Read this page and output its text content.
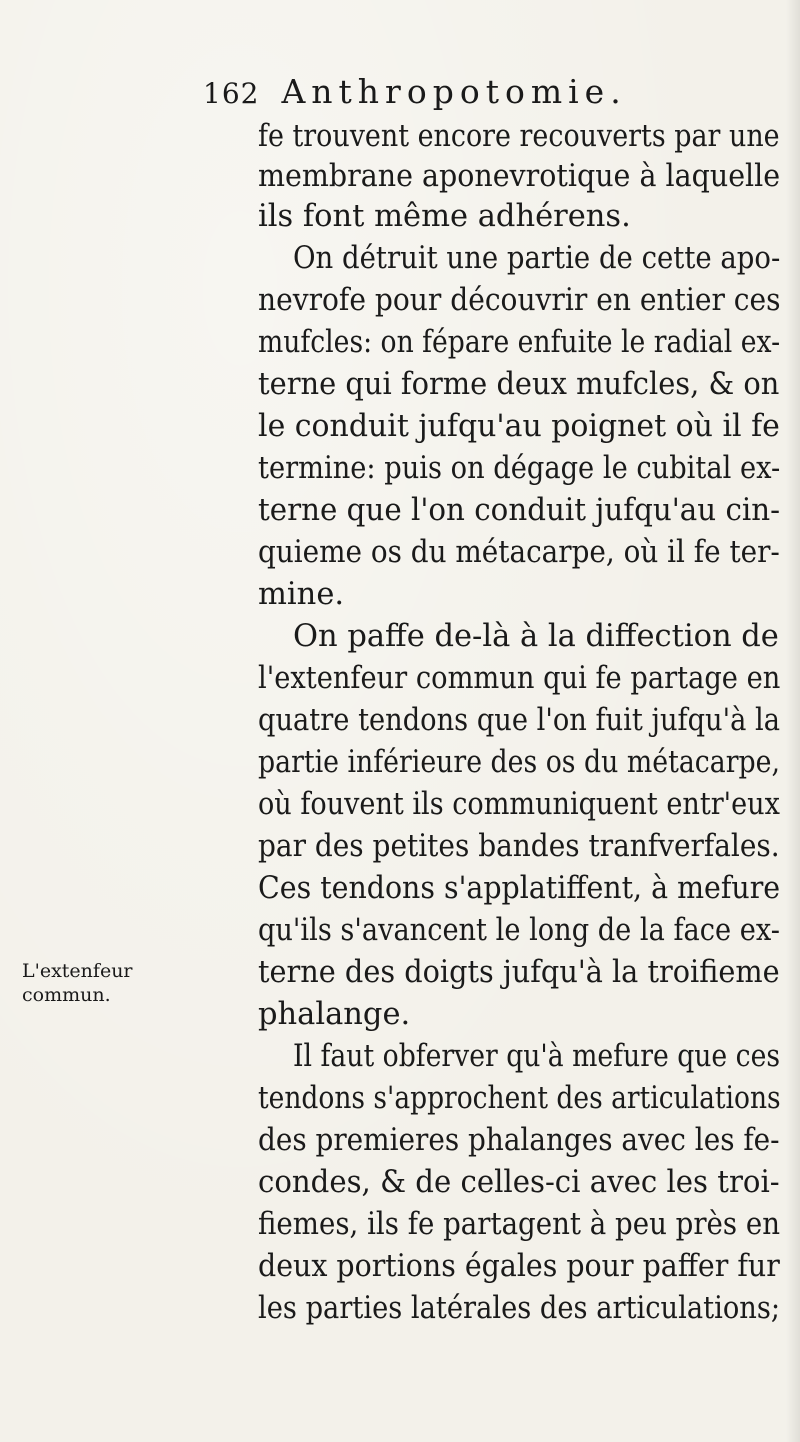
162 Anthropotomie.
L'extenfeur
commun.
fe trouvent encore recouverts par une
membrane aponevrotique à laquelle
ils font même adhérens.
On détruit une partie de cette apo-
nevrofe pour découvrir en entier ces
mufcles: on fépare enfuite le radial ex-
terne qui forme deux mufcles, & on
le conduit jufqu'au poignet où il fe
termine: puis on dégage le cubital ex-
terne que l'on conduit jufqu'au cin-
quieme os du métacarpe, où il fe ter-
mine.
On paffe de-là à la diffection de
l'extenfeur commun qui fe partage en
quatre tendons que l'on fuit jufqu'à la
partie inférieure des os du métacarpe,
où fouvent ils communiquent entr'eux
par des petites bandes tranfverfales.
Ces tendons s'applatiffent, à mefure
qu'ils s'avancent le long de la face ex-
terne des doigts jufqu'à la troifieme
phalange.
Il faut obferver qu'à mefure que ces
tendons s'approchent des articulations
des premieres phalanges avec les fe-
condes, & de celles-ci avec les troi-
fiemes, ils fe partagent à peu près en
deux portions égales pour paffer fur
les parties latérales des articulations;
